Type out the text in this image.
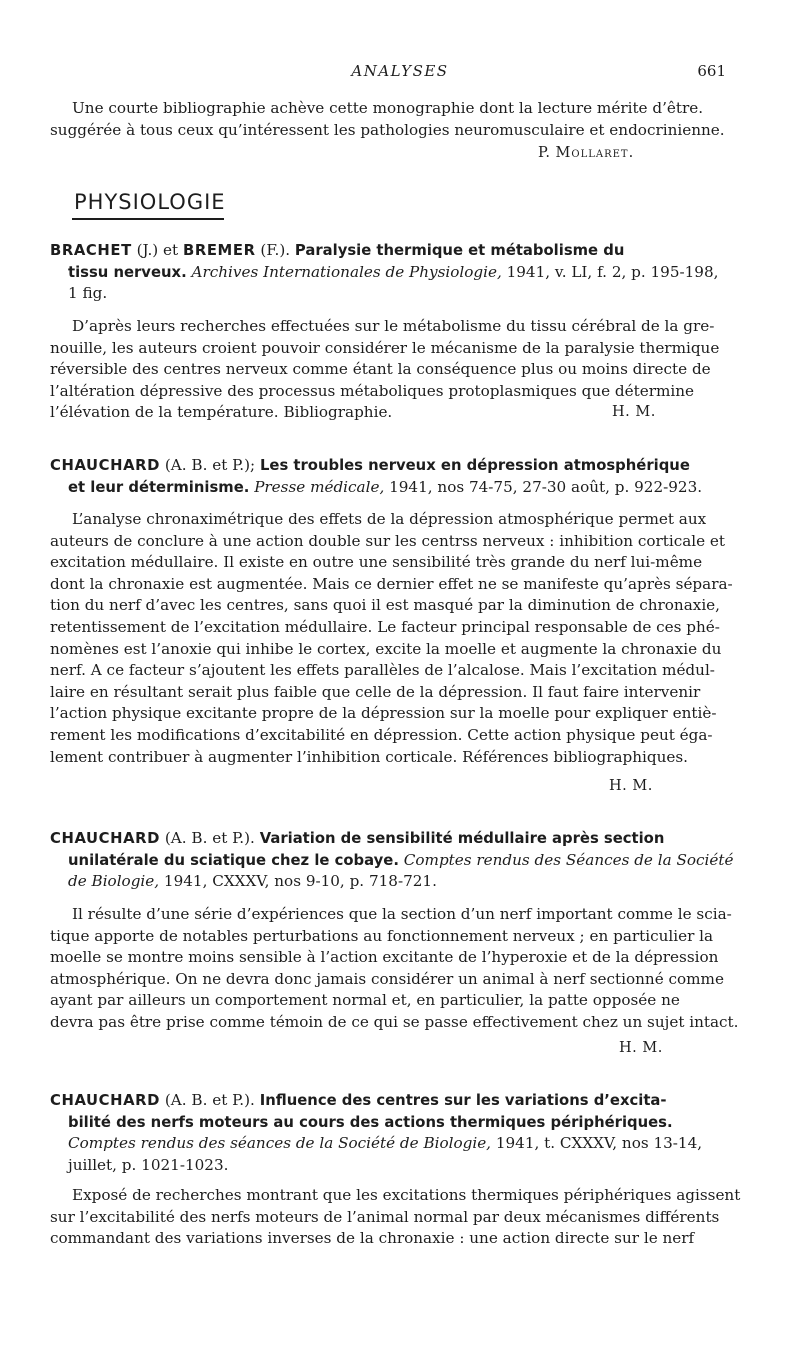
ANALYSES	661
Une courte bibliographie achève cette monographie dont la lecture mérite d’être.
suggérée à tous ceux qu’intéressent les pathologies neuromusculaire et endocrinienne.
P. Mollaret.
PHYSIOLOGIE
BRACHET (J.) et BREMER (F.). Paralysie thermique et métabolisme du
tissu nerveux. Archives Internationales de Physiologie, 1941, v. LI, f. 2, p. 195-198,
1 fig.
D’après leurs recherches effectuées sur le métabolisme du tissu cérébral de la gre-
nouille, les auteurs croient pouvoir considérer le mécanisme de la paralysie thermique
réversible des centres nerveux comme étant la conséquence plus ou moins directe de
l’altération dépressive des processus métaboliques protoplasmiques que détermine
l’élévation de la température. Bibliographie.	H. M.
CHAUCHARD (A. B. et P.); Les troubles nerveux en dépression atmosphérique
et leur déterminisme. Presse médicale, 1941, nos 74-75, 27-30 août, p. 922-923.
L’analyse chronaximétrique des effets de la dépression atmosphérique permet aux
auteurs de conclure à une action double sur les centrss nerveux : inhibition corticale et
excitation médullaire. Il existe en outre une sensibilité très grande du nerf lui-même
dont la chronaxie est augmentée. Mais ce dernier effet ne se manifeste qu’après sépara-
tion du nerf d’avec les centres, sans quoi il est masqué par la diminution de chronaxie,
retentissement de l’excitation médullaire. Le facteur principal responsable de ces phé-
nomènes est l’anoxie qui inhibe le cortex, excite la moelle et augmente la chronaxie du
nerf. A ce facteur s’ajoutent les effets parallèles de l’alcalose. Mais l’excitation médul-
laire en résultant serait plus faible que celle de la dépression. Il faut faire intervenir
l’action physique excitante propre de la dépression sur la moelle pour expliquer entiè-
rement les modifications d’excitabilité en dépression. Cette action physique peut éga-
lement contribuer à augmenter l’inhibition corticale. Références bibliographiques.
H. M.
CHAUCHARD (A. B. et P.). Variation de sensibilité médullaire après section
unilatérale du sciatique chez le cobaye. Comptes rendus des Séances de la Société
de Biologie, 1941, CXXXV, nos 9-10, p. 718-721.
Il résulte d’une série d’expériences que la section d’un nerf important comme le scia-
tique apporte de notables perturbations au fonctionnement nerveux ; en particulier la
moelle se montre moins sensible à l’action excitante de l’hyperoxie et de la dépression
atmosphérique. On ne devra donc jamais considérer un animal à nerf sectionné comme
ayant par ailleurs un comportement normal et, en particulier, la patte opposée ne
devra pas être prise comme témoin de ce qui se passe effectivement chez un sujet intact.
H. M.
CHAUCHARD (A. B. et P.). Influence des centres sur les variations d’excita-
bilité des nerfs moteurs au cours des actions thermiques périphériques.
Comptes rendus des séances de la Société de Biologie, 1941, t. CXXXV, nos 13-14,
juillet, p. 1021-1023.
Exposé de recherches montrant que les excitations thermiques périphériques agissent
sur l’excitabilité des nerfs moteurs de l’animal normal par deux mécanismes différents
commandant des variations inverses de la chronaxie : une action directe sur le nerf
